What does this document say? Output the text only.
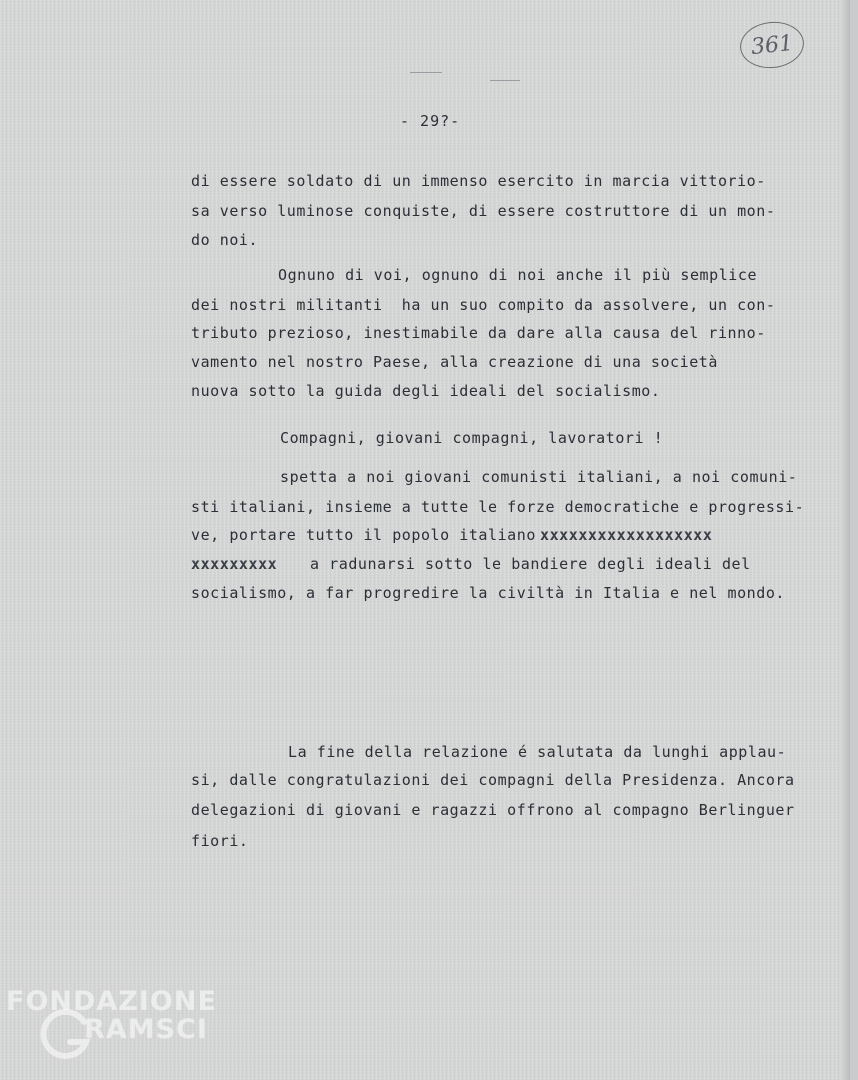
361
- 29?-
di essere soldato di un immenso esercito in marcia vittorio-
sa verso luminose conquiste, di essere costruttore di un mon-
do noi.
Ognuno di voi, ognuno di noi anche il più semplice
dei nostri militanti  ha un suo compito da assolvere, un con-
tributo prezioso, inestimabile da dare alla causa del rinno-
vamento nel nostro Paese, alla creazione di una società
nuova sotto la guida degli ideali del socialismo.
Compagni, giovani compagni, lavoratori !
spetta a noi giovani comunisti italiani, a noi comuni-
sti italiani, insieme a tutte le forze democratiche e progressi-
ve, portare tutto il popolo italiano xxxxxxxxxxxxxxxxxx
xxxxxxxxx a radunarsi sotto le bandiere degli ideali del
socialismo, a far progredire la civiltà in Italia e nel mondo.
La fine della relazione é salutata da lunghi applau-
si, dalle congratulazioni dei compagni della Presidenza. Ancora
delegazioni di giovani e ragazzi offrono al compagno Berlinguer
fiori.
FONDAZIONE
RAMSCI
